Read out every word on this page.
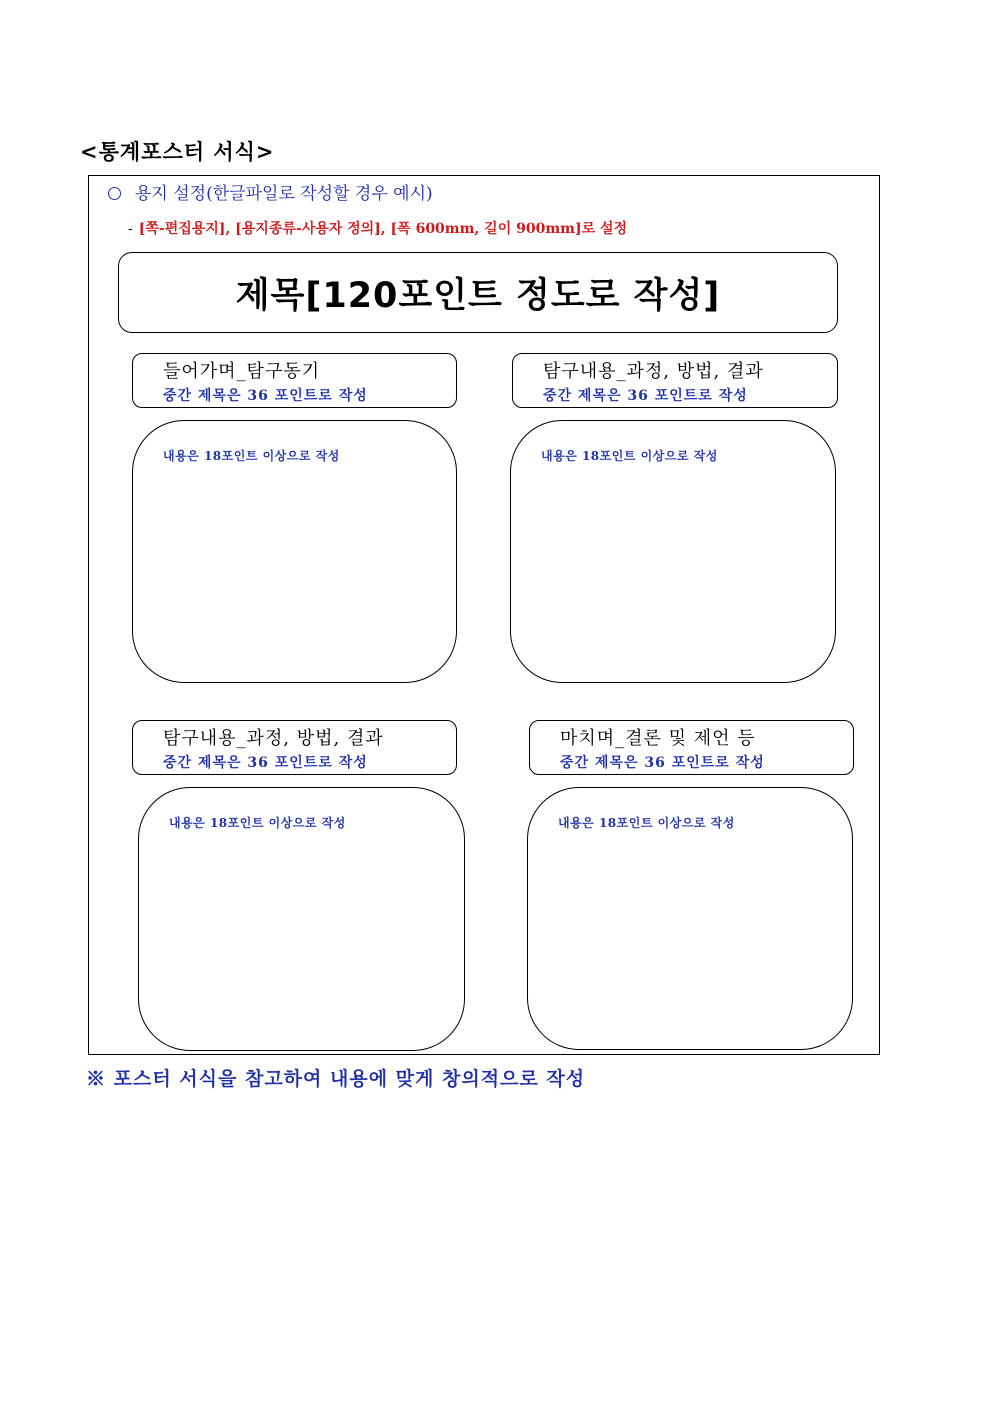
<통계포스터 서식>
용지 설정(한글파일로 작성할 경우 예시)
- [쪽-편집용지], [용지종류-사용자 정의], [폭 600mm, 길이 900mm]로 설정
제목[120포인트 정도로 작성]
들어가며_탐구동기
중간 제목은 36 포인트로 작성
내용은 18포인트 이상으로 작성
탐구내용_과정, 방법, 결과
중간 제목은 36 포인트로 작성
내용은 18포인트 이상으로 작성
탐구내용_과정, 방법, 결과
중간 제목은 36 포인트로 작성
내용은 18포인트 이상으로 작성
마치며_결론 및 제언 등
중간 제목은 36 포인트로 작성
내용은 18포인트 이상으로 작성
※ 포스터 서식을 참고하여 내용에 맞게 창의적으로 작성
